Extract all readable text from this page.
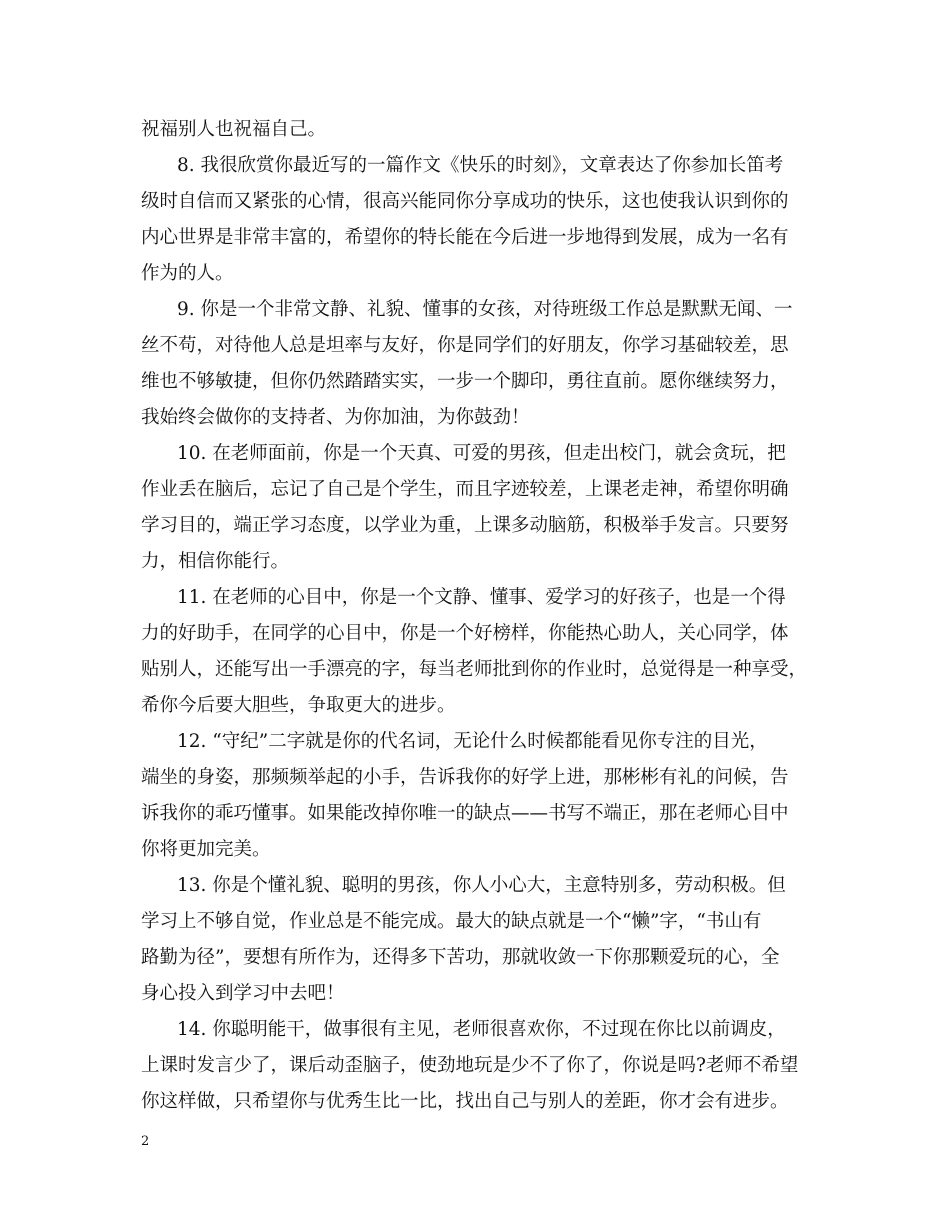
祝福别人也祝福自己。
8. 我很欣赏你最近写的一篇作文《快乐的时刻》，文章表达了你参加长笛考
级时自信而又紧张的心情，很高兴能同你分享成功的快乐，这也使我认识到你的
内心世界是非常丰富的，希望你的特长能在今后进一步地得到发展，成为一名有
作为的人。
9. 你是一个非常文静、礼貌、懂事的女孩，对待班级工作总是默默无闻、一
丝不苟，对待他人总是坦率与友好，你是同学们的好朋友，你学习基础较差，思
维也不够敏捷，但你仍然踏踏实实，一步一个脚印，勇往直前。愿你继续努力，
我始终会做你的支持者、为你加油，为你鼓劲！
10. 在老师面前，你是一个天真、可爱的男孩，但走出校门，就会贪玩，把
作业丢在脑后，忘记了自己是个学生，而且字迹较差，上课老走神，希望你明确
学习目的，端正学习态度，以学业为重，上课多动脑筋，积极举手发言。只要努
力，相信你能行。
11. 在老师的心目中，你是一个文静、懂事、爱学习的好孩子，也是一个得
力的好助手，在同学的心目中，你是一个好榜样，你能热心助人，关心同学，体
贴别人，还能写出一手漂亮的字，每当老师批到你的作业时，总觉得是一种享受，
希你今后要大胆些，争取更大的进步。
12. “守纪”二字就是你的代名词，无论什么时候都能看见你专注的目光，
端坐的身姿，那频频举起的小手，告诉我你的好学上进，那彬彬有礼的问候，告
诉我你的乖巧懂事。如果能改掉你唯一的缺点——书写不端正，那在老师心目中
你将更加完美。
13. 你是个懂礼貌、聪明的男孩，你人小心大，主意特别多，劳动积极。但
学习上不够自觉，作业总是不能完成。最大的缺点就是一个“懒”字，“书山有
路勤为径”，要想有所作为，还得多下苦功，那就收敛一下你那颗爱玩的心，全
身心投入到学习中去吧！
14. 你聪明能干，做事很有主见，老师很喜欢你，不过现在你比以前调皮，
上课时发言少了，课后动歪脑子，使劲地玩是少不了你了，你说是吗?老师不希望
你这样做，只希望你与优秀生比一比，找出自己与别人的差距，你才会有进步。
2
